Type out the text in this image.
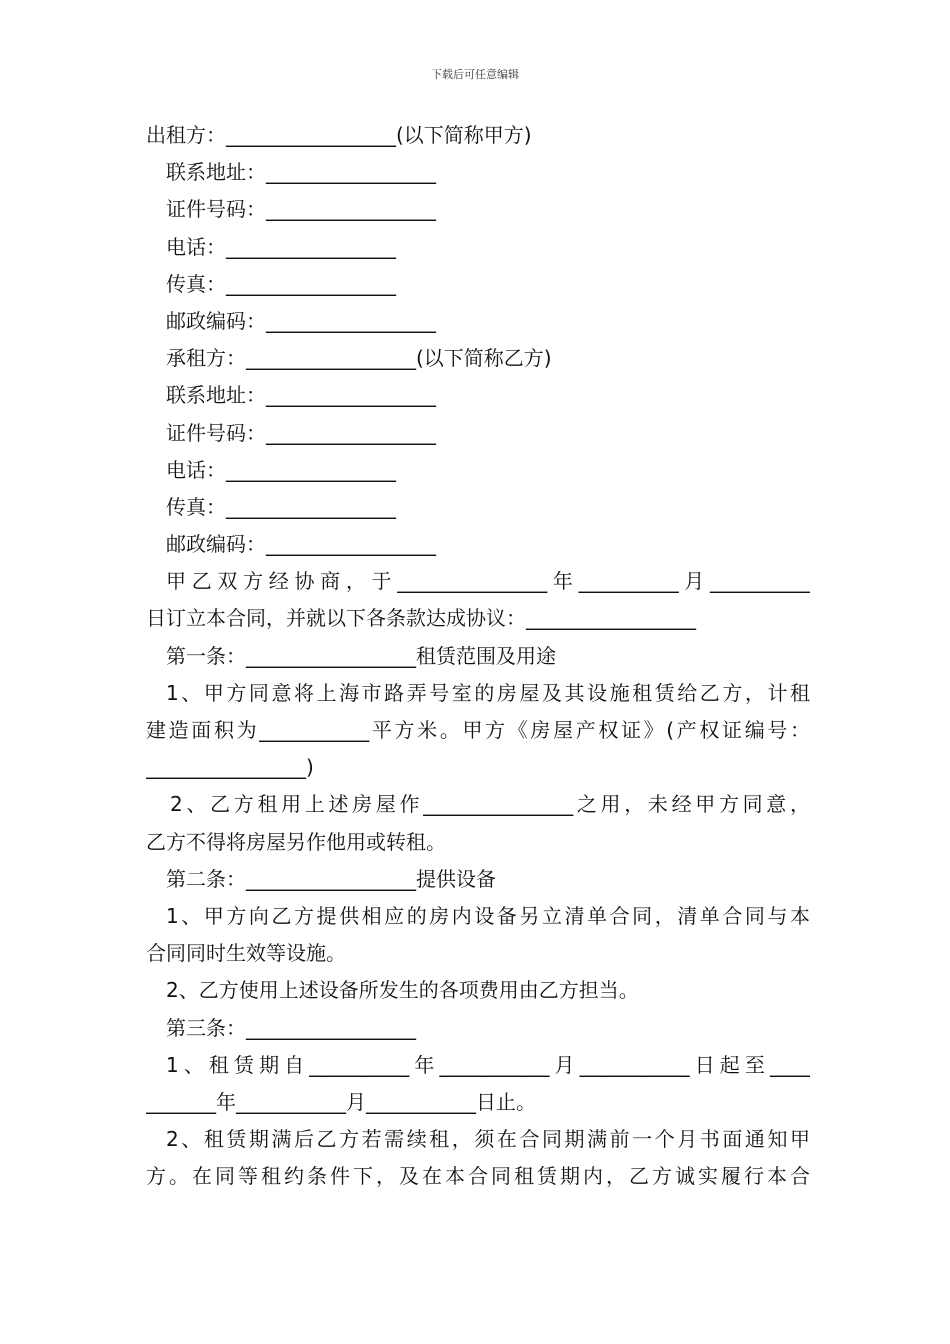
下载后可任意编辑
出租方：_________________(以下简称甲方)
联系地址：_________________
证件号码：_________________
电话：_________________
传真：_________________
邮政编码：_________________
承租方：_________________(以下简称乙方)
联系地址：_________________
证件号码：_________________
电话：_________________
传真：_________________
邮政编码：_________________
甲乙双方经协商，于_______________年__________月__________
日订立本合同，并就以下各条款达成协议：_________________
第一条：_________________租赁范围及用途
1、甲方同意将上海市路弄号室的房屋及其设施租赁给乙方，计租
建造面积为___________平方米。甲方《房屋产权证》(产权证编号：
________________)
2、乙方租用上述房屋作_______________之用，未经甲方同意，
乙方不得将房屋另作他用或转租。
第二条：_________________提供设备
1、甲方向乙方提供相应的房内设备另立清单合同，清单合同与本
合同同时生效等设施。
2、乙方使用上述设备所发生的各项费用由乙方担当。
第三条：_________________
1、租赁期自__________年___________月___________日起至____
_______年___________月___________日止。
2、租赁期满后乙方若需续租，须在合同期满前一个月书面通知甲
方。在同等租约条件下，及在本合同租赁期内，乙方诚实履行本合
